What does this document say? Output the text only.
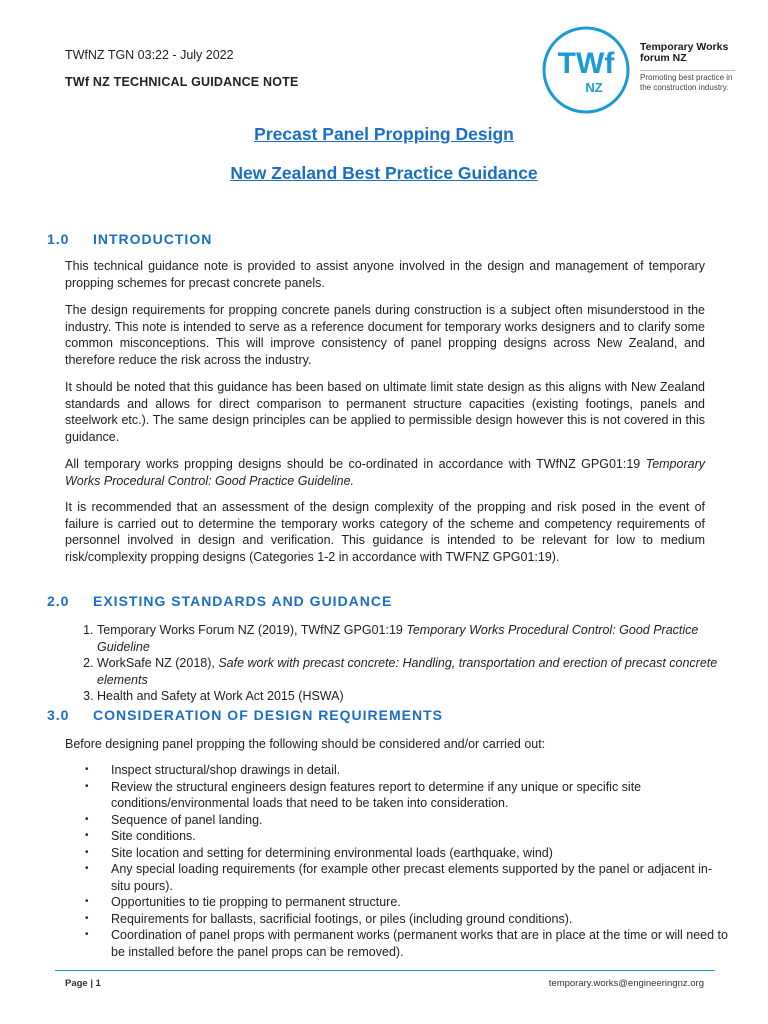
TWfNZ TGN 03:22 - July 2022
TWf NZ TECHNICAL GUIDANCE NOTE
TWf
NZ
Temporary Works
forum NZ
Promoting best practice in
the construction industry.
Precast Panel Propping Design
New Zealand Best Practice Guidance
1.0 INTRODUCTION
This technical guidance note is provided to assist anyone involved in the design and management of temporary propping schemes for precast concrete panels.
The design requirements for propping concrete panels during construction is a subject often misunderstood in the industry. This note is intended to serve as a reference document for temporary works designers and to clarify some common misconceptions. This will improve consistency of panel propping designs across New Zealand, and therefore reduce the risk across the industry.
It should be noted that this guidance has been based on ultimate limit state design as this aligns with New Zealand standards and allows for direct comparison to permanent structure capacities (existing footings, panels and steelwork etc.). The same design principles can be applied to permissible design however this is not covered in this guidance.
All temporary works propping designs should be co-ordinated in accordance with TWfNZ GPG01:19 Temporary Works Procedural Control: Good Practice Guideline.
It is recommended that an assessment of the design complexity of the propping and risk posed in the event of failure is carried out to determine the temporary works category of the scheme and competency requirements of personnel involved in design and verification. This guidance is intended to be relevant for low to medium risk/complexity propping designs (Categories 1-2 in accordance with TWFNZ GPG01:19).
2.0 EXISTING STANDARDS AND GUIDANCE
1. Temporary Works Forum NZ (2019), TWfNZ GPG01:19 Temporary Works Procedural Control: Good Practice Guideline
2. WorkSafe NZ (2018), Safe work with precast concrete: Handling, transportation and erection of precast concrete elements
3. Health and Safety at Work Act 2015 (HSWA)
3.0 CONSIDERATION OF DESIGN REQUIREMENTS
Before designing panel propping the following should be considered and/or carried out:
• Inspect structural/shop drawings in detail.
• Review the structural engineers design features report to determine if any unique or specific site conditions/environmental loads that need to be taken into consideration.
• Sequence of panel landing.
• Site conditions.
• Site location and setting for determining environmental loads (earthquake, wind)
• Any special loading requirements (for example other precast elements supported by the panel or adjacent in-situ pours).
• Opportunities to tie propping to permanent structure.
• Requirements for ballasts, sacrificial footings, or piles (including ground conditions).
• Coordination of panel props with permanent works (permanent works that are in place at the time or will need to be installed before the panel props can be removed).
Page | 1	temporary.works@engineeringnz.org
